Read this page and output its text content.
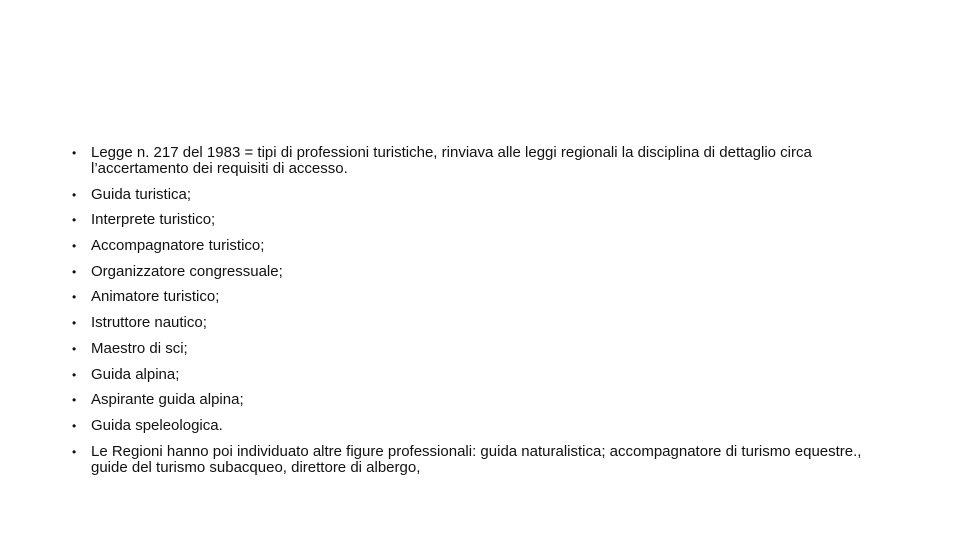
• Legge n. 217 del 1983 = tipi di professioni turistiche, rinviava alle leggi regionali la disciplina di dettaglio circa l’accertamento dei requisiti di accesso.
• Guida turistica;
• Interprete turistico;
• Accompagnatore turistico;
• Organizzatore congressuale;
• Animatore turistico;
• Istruttore nautico;
• Maestro di sci;
• Guida alpina;
• Aspirante guida alpina;
• Guida speleologica.
• Le Regioni hanno poi individuato altre figure professionali: guida naturalistica; accompagnatore di turismo equestre., guide del turismo subacqueo, direttore di albergo,
